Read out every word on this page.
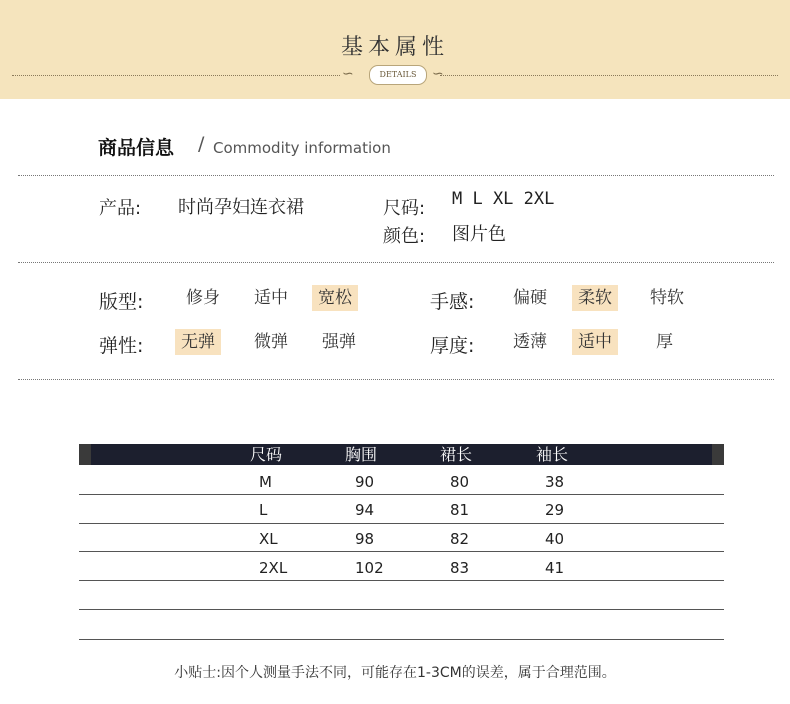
基本属性
∽	∽
DETAILS
商品信息 / Commodity information
产品: 时尚孕妇连衣裙	尺码: M L XL 2XL
颜色: 图片色
版型:	修身	适中	宽松	手感:	偏硬	柔软	特软
弹性:	无弹	微弹	强弹	厚度:	透薄	适中	厚
尺码	胸围	裙长	袖长
M	90	80	38
L	94	81	29
XL	98	82	40
2XL	102	83	41
小贴士:因个人测量手法不同，可能存在1-3CM的误差，属于合理范围。
